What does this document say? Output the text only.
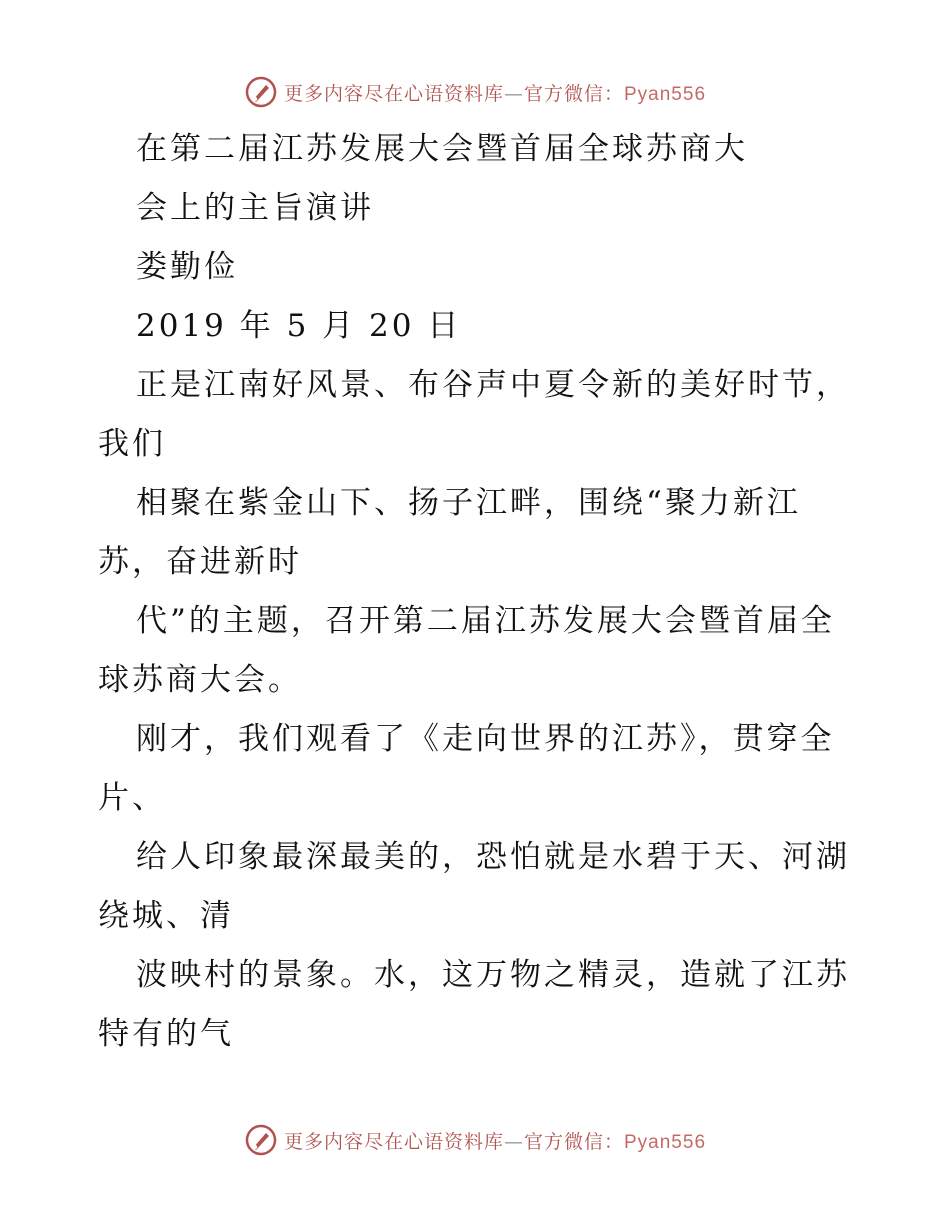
更多内容尽在心语资料库—官方微信：Pyan556
在第二届江苏发展大会暨首届全球苏商大
会上的主旨演讲
娄勤俭
2019 年 5 月 20 日
正是江南好风景、布谷声中夏令新的美好时节，
我们
相聚在紫金山下、扬子江畔，围绕“聚力新江
苏，奋进新时
代”的主题，召开第二届江苏发展大会暨首届全
球苏商大会。
刚才，我们观看了《走向世界的江苏》，贯穿全
片、
给人印象最深最美的，恐怕就是水碧于天、河湖
绕城、清
波映村的景象。水，这万物之精灵，造就了江苏
特有的气
更多内容尽在心语资料库—官方微信：Pyan556
